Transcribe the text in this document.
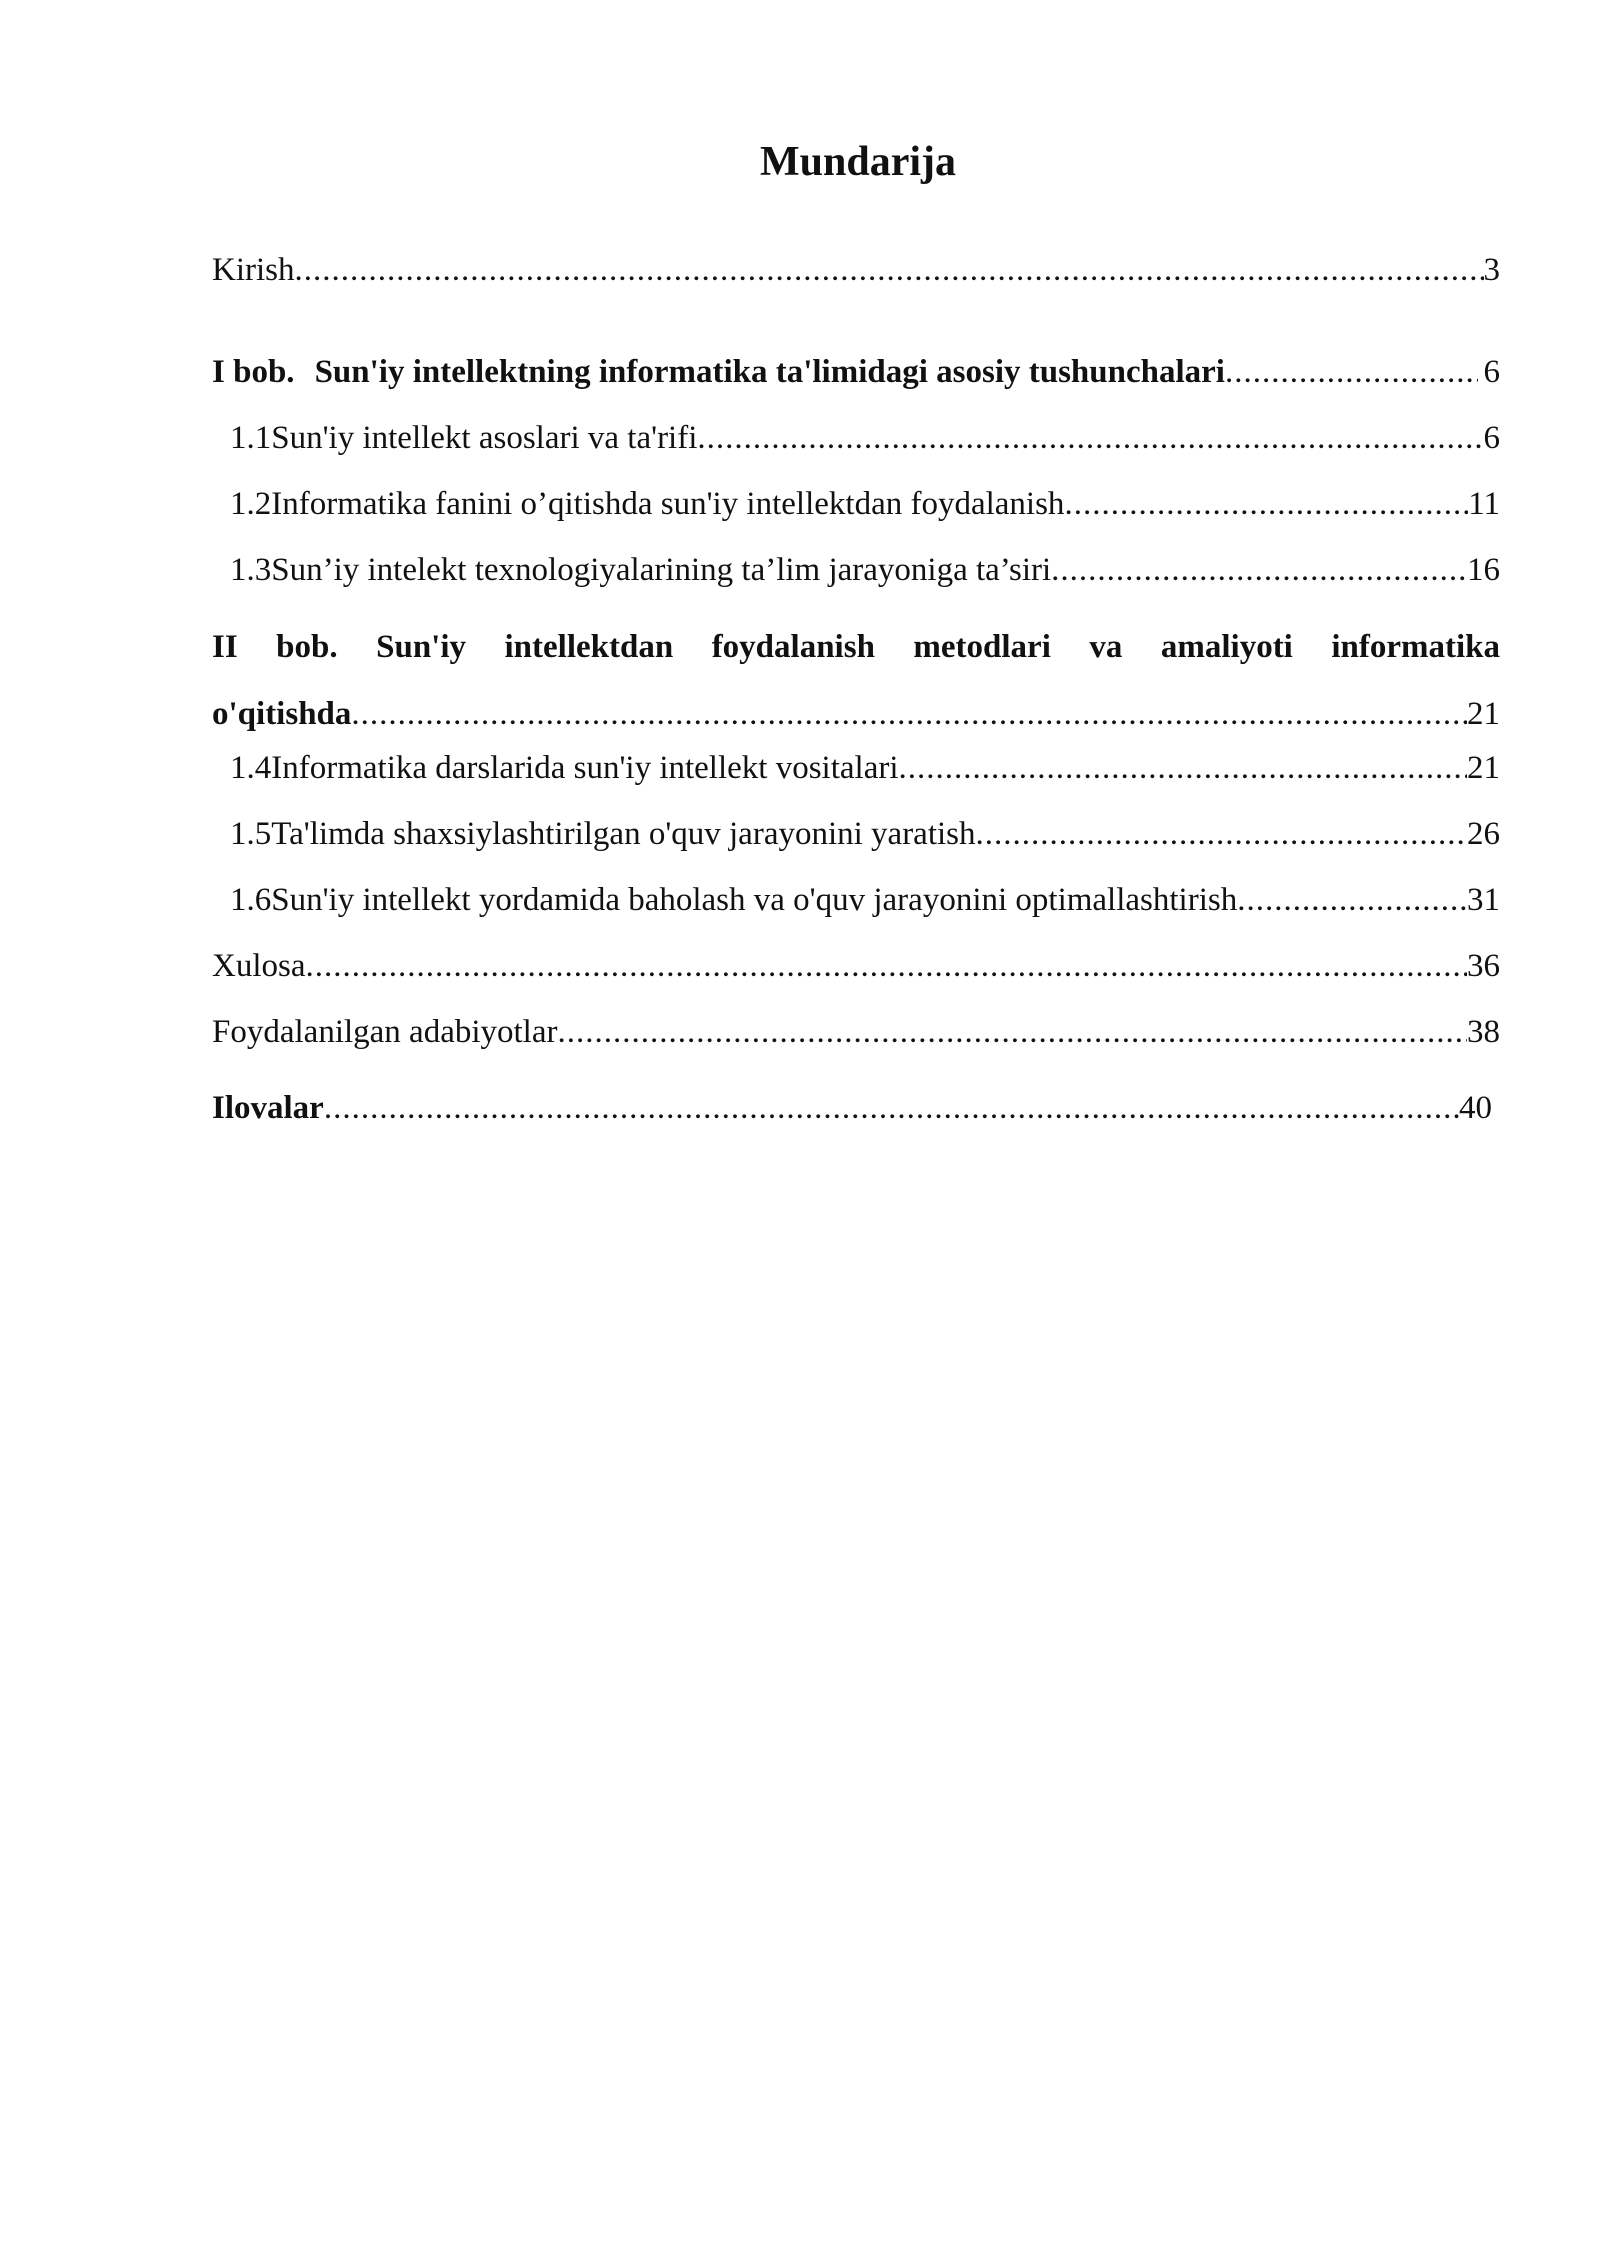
Mundarija
Kirish .....	3
I bob. Sun'iy intellektning informatika ta'limidagi asosiy tushunchalari .....	6
1.1 Sun'iy intellekt asoslari va ta'rifi .....	6
1.2 Informatika fanini o’qitishda sun'iy intellektdan foydalanish .....	11
1.3 Sun’iy intelekt texnologiyalarining ta’lim jarayoniga ta’siri .....	16
II bob. Sun'iy intellektdan foydalanish metodlari va amaliyoti informatika
o'qitishda .....	21
1.4 Informatika darslarida sun'iy intellekt vositalari .....	21
1.5 Ta'limda shaxsiylashtirilgan o'quv jarayonini yaratish .....	26
1.6 Sun'iy intellekt yordamida baholash va o'quv jarayonini optimallashtirish .....	31
Xulosa .....	36
Foydalanilgan adabiyotlar .....	38
Ilovalar .....	40
